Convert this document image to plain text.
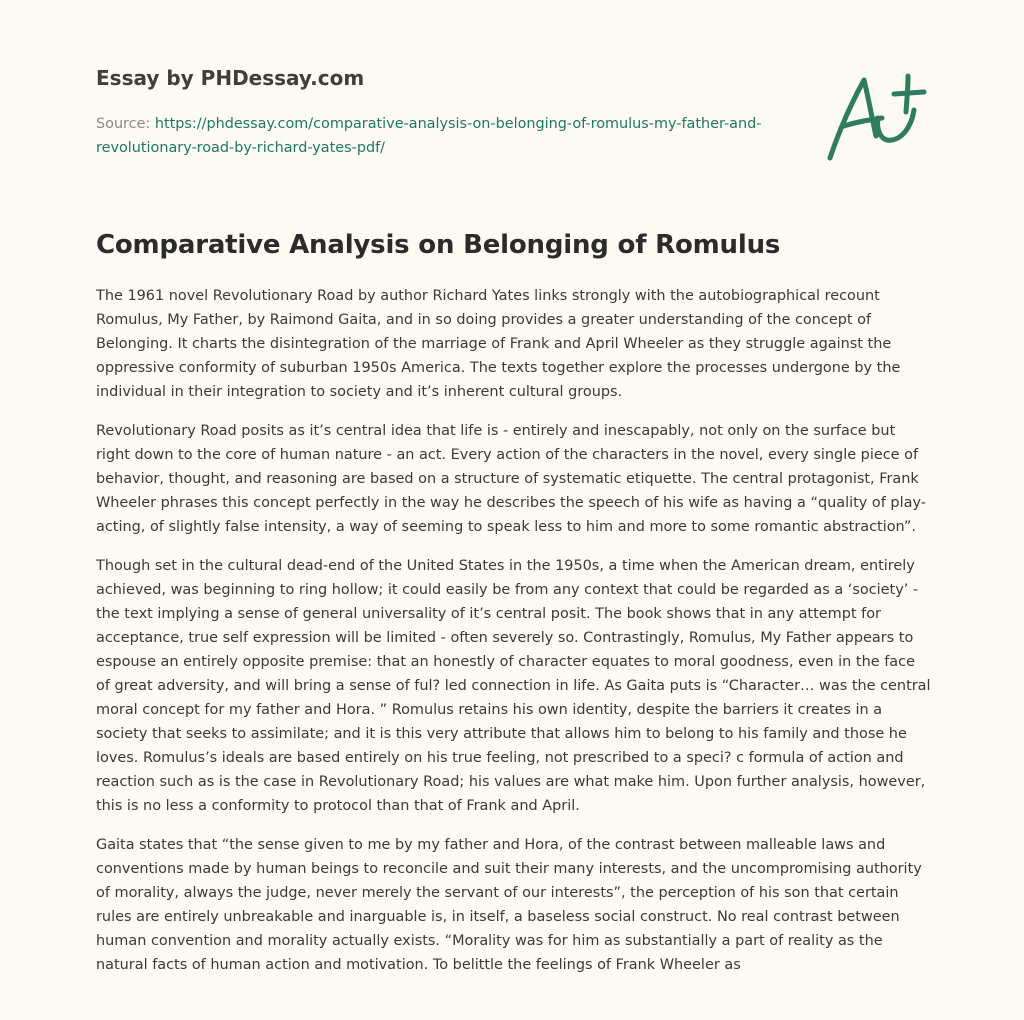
Essay by PHDessay.com
Source: https://phdessay.com/comparative-analysis-on-belonging-of-romulus-my-father-and-revolutionary-road-by-richard-yates-pdf/
Comparative Analysis on Belonging of Romulus

The 1961 novel Revolutionary Road by author Richard Yates links strongly with the autobiographical recount Romulus, My Father, by Raimond Gaita, and in so doing provides a greater understanding of the concept of Belonging. It charts the disintegration of the marriage of Frank and April Wheeler as they struggle against the oppressive conformity of suburban 1950s America. The texts together explore the processes undergone by the individual in their integration to society and it’s inherent cultural groups.

Revolutionary Road posits as it’s central idea that life is - entirely and inescapably, not only on the surface but right down to the core of human nature - an act. Every action of the characters in the novel, every single piece of behavior, thought, and reasoning are based on a structure of systematic etiquette. The central protagonist, Frank Wheeler phrases this concept perfectly in the way he describes the speech of his wife as having a “quality of play-acting, of slightly false intensity, a way of seeming to speak less to him and more to some romantic abstraction”.

Though set in the cultural dead-end of the United States in the 1950s, a time when the American dream, entirely achieved, was beginning to ring hollow; it could easily be from any context that could be regarded as a ‘society’ - the text implying a sense of general universality of it’s central posit. The book shows that in any attempt for acceptance, true self expression will be limited - often severely so. Contrastingly, Romulus, My Father appears to espouse an entirely opposite premise: that an honestly of character equates to moral goodness, even in the face of great adversity, and will bring a sense of ful? led connection in life. As Gaita puts is “Character… was the central moral concept for my father and Hora. ” Romulus retains his own identity, despite the barriers it creates in a society that seeks to assimilate; and it is this very attribute that allows him to belong to his family and those he loves. Romulus’s ideals are based entirely on his true feeling, not prescribed to a speci? c formula of action and reaction such as is the case in Revolutionary Road; his values are what make him. Upon further analysis, however, this is no less a conformity to protocol than that of Frank and April.

Gaita states that “the sense given to me by my father and Hora, of the contrast between malleable laws and conventions made by human beings to reconcile and suit their many interests, and the uncompromising authority of morality, always the judge, never merely the servant of our interests”, the perception of his son that certain rules are entirely unbreakable and inarguable is, in itself, a baseless social construct. No real contrast between human convention and morality actually exists. “Morality was for him as substantially a part of reality as the natural facts of human action and motivation. To belittle the feelings of Frank Wheeler as
